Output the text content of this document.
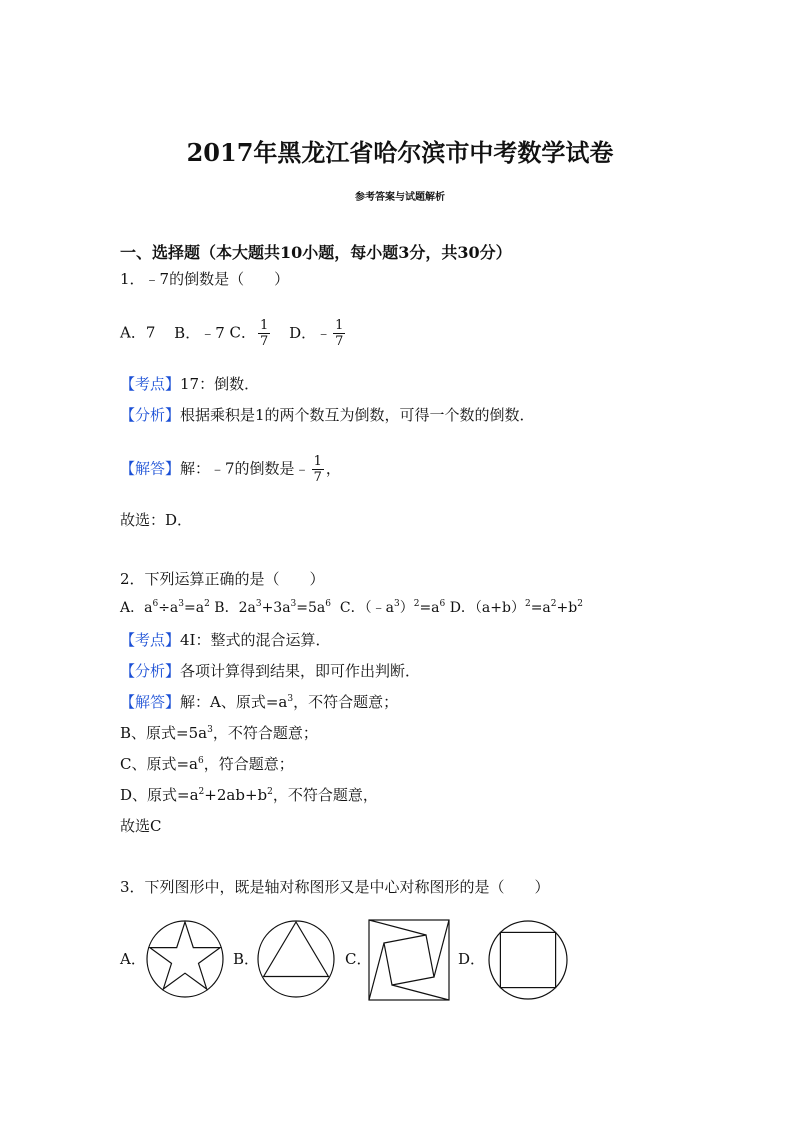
2017年黑龙江省哈尔滨市中考数学试卷
参考答案与试题解析
一、选择题（本大题共10小题，每小题3分，共30分）
1．﹣7的倒数是（　　）
A．7 B．﹣7 C． $\frac{1}{7}$ D．﹣ $\frac{1}{7}$
【考点】17：倒数．
【分析】根据乘积是1的两个数互为倒数，可得一个数的倒数．
【解答】解：﹣7的倒数是﹣ $\frac{1}{7}$ ，
故选：D．
2．下列运算正确的是（　　）
A．$a^6\div a^3=a^2$ B．$2a^3+3a^3=5a^6$ C．$(﹣a^3)^2=a^6$ D．$(a+b)^2=a^2+b^2$
【考点】4I：整式的混合运算．
【分析】各项计算得到结果，即可作出判断．
【解答】解：A、原式$=a^3$，不符合题意；
B、原式$=5a^3$，不符合题意；
C、原式$=a^6$，符合题意；
D、原式$=a^2+2ab+b^2$，不符合题意，
故选C
3．下列图形中，既是轴对称图形又是中心对称图形的是（　　）
A．	B．	C．	D．
